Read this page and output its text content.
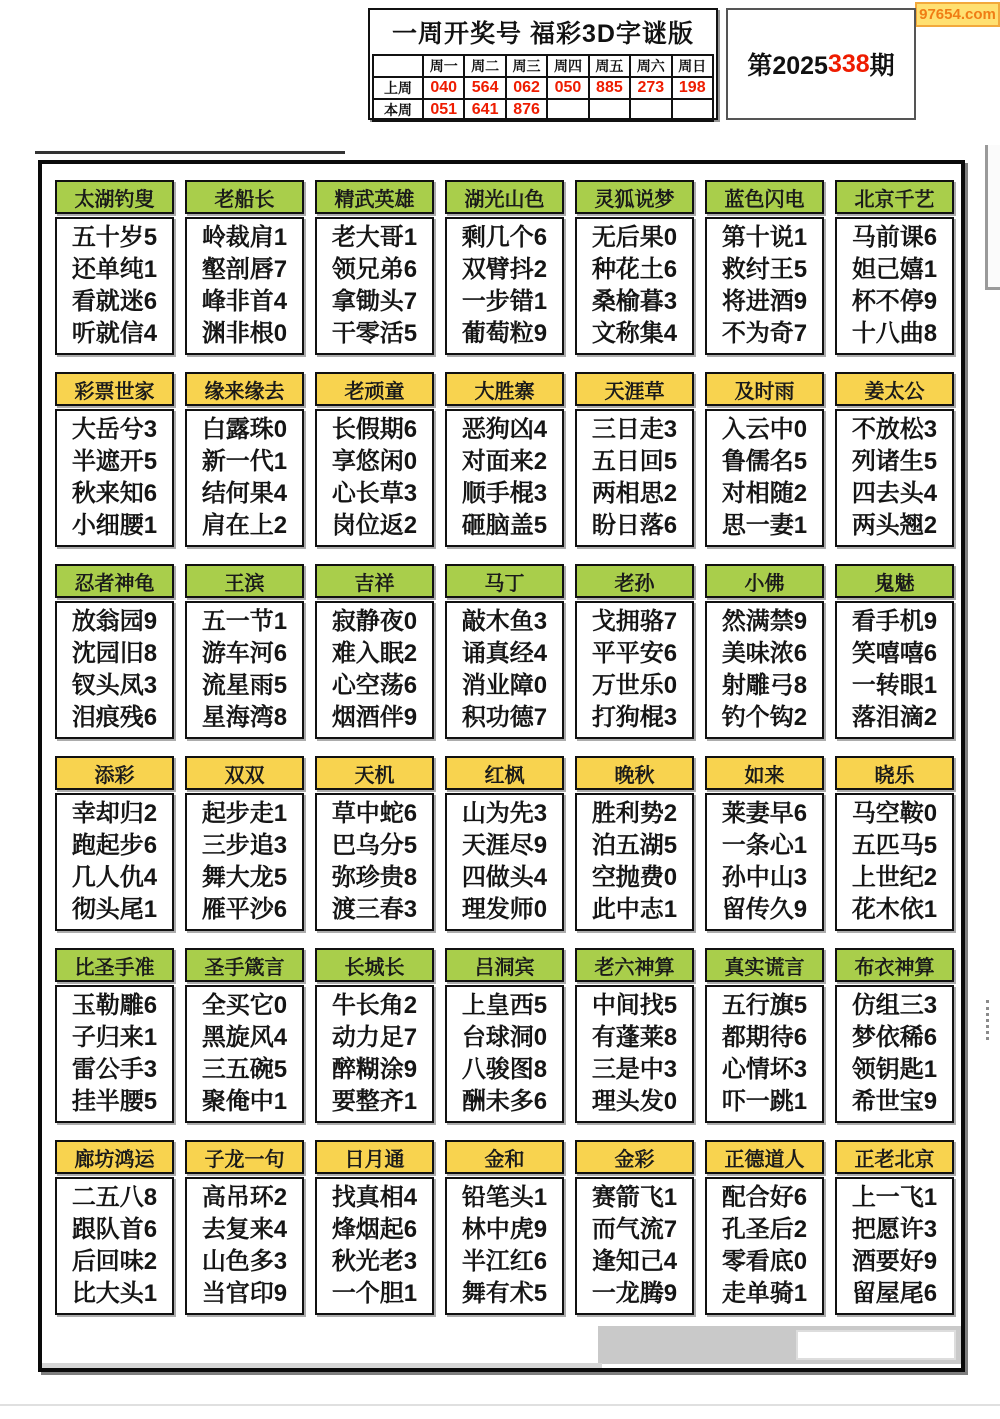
97654.com
一周开奖号 福彩3D字谜版
	周一	周二	周三	周四	周五	周六	周日
上周	040	564	062	050	885	273	198
本周	051	641	876				
第2025 338 期
太湖钓叟
五十岁5
还单纯1
看就迷6
听就信4
老船长
岭裁肩1
壑剖唇7
峰非首4
渊非根0
精武英雄
老大哥1
领兄弟6
拿锄头7
干零活5
湖光山色
剩几个6
双臂抖2
一步错1
葡萄粒9
灵狐说梦
无后果0
种花土6
桑榆暮3
文称集4
蓝色闪电
第十说1
救纣王5
将进酒9
不为奇7
北京千艺
马前课6
妲己嬉1
杯不停9
十八曲8
彩票世家
大岳兮3
半遮开5
秋来知6
小细腰1
缘来缘去
白露珠0
新一代1
结何果4
肩在上2
老顽童
长假期6
享悠闲0
心长草3
岗位返2
大胜寨
恶狗凶4
对面来2
顺手棍3
砸脑盖5
天涯草
三日走3
五日回5
两相思2
盼日落6
及时雨
入云中0
鲁儒名5
对相随2
思一妻1
姜太公
不放松3
列诸生5
四去头4
两头翘2
忍者神龟
放翁园9
沈园旧8
钗头凤3
泪痕残6
王滨
五一节1
游车河6
流星雨5
星海湾8
吉祥
寂静夜0
难入眠2
心空荡6
烟酒伴9
马丁
敲木鱼3
诵真经4
消业障0
积功德7
老孙
戈拥骆7
平平安6
万世乐0
打狗棍3
小佛
然满禁9
美味浓6
射雕弓8
钓个钩2
鬼魅
看手机9
笑嘻嘻6
一转眼1
落泪滴2
添彩
幸却归2
跑起步6
几人仇4
彻头尾1
双双
起步走1
三步追3
舞大龙5
雁平沙6
天机
草中蛇6
巴乌分5
弥珍贵8
渡三春3
红枫
山为先3
天涯尽9
四做头4
理发师0
晚秋
胜利势2
泊五湖5
空抛费0
此中志1
如来
莱妻早6
一条心1
孙中山3
留传久9
晓乐
马空鞍0
五匹马5
上世纪2
花木依1
比圣手准
玉勒雕6
子归来1
雷公手3
挂半腰5
圣手箴言
全买它0
黑旋风4
三五碗5
聚俺中1
长城长
牛长角2
动力足7
醉糊涂9
要整齐1
吕洞宾
上皇西5
台球洞0
八骏图8
酬未多6
老六神算
中间找5
有蓬莱8
三是中3
理头发0
真实谎言
五行旗5
都期待6
心情坏3
吓一跳1
布衣神算
仿组三3
梦依稀6
领钥匙1
希世宝9
廊坊鸿运
二五八8
跟队首6
后回味2
比大头1
子龙一句
高吊环2
去复来4
山色多3
当官印9
日月通
找真相4
烽烟起6
秋光老3
一个胆1
金和
铅笔头1
林中虎9
半江红6
舞有术5
金彩
赛箭飞1
而气流7
逢知己4
一龙腾9
正德道人
配合好6
孔圣后2
零看底0
走单骑1
正老北京
上一飞1
把愿许3
酒要好9
留屋尾6
